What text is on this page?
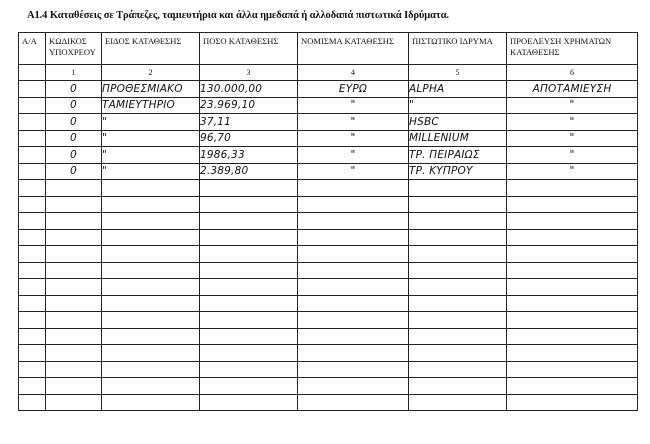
Α1.4 Καταθέσεις σε Τράπεζες, ταμιευτήρια και άλλα ημεδαπά ή αλλοδαπά πιστωτικά Ιδρύματα.
Α/Α	ΚΩΔΙΚΟΣ ΥΠΟΧΡΕΟΥ	ΕΙΔΟΣ ΚΑΤΑΘΕΣΗΣ	ΠΟΣΟ ΚΑΤΑΘΕΣΗΣ	ΝΟΜΙΣΜΑ ΚΑΤΑΘΕΣΗΣ	ΠΙΣΤΩΤΙΚΟ ΙΔΡΥΜΑ	ΠΡΟΕΛΕΥΣΗ ΧΡΗΜΑΤΩΝ ΚΑΤΑΘΕΣΗΣ
	1	2	3	4	5	6
	0	ΠΡΟΘΕΣΜΙΑΚΟ	130.000,00	ΕΥΡΩ	ALPHA	ΑΠΟΤΑΜΙΕΥΣΗ
	0	ΤΑΜΙΕΥΤΗΡΙΟ	23.969,10	"	"	"
	0	"	37,11	"	HSBC	"
	0	"	96,70	"	MILLENIUM	"
	0	"	1986,33	"	ΤΡ. ΠΕΙΡΑΙΩΣ	"
	0	"	2.389,80	"	ΤΡ. ΚΥΠΡΟΥ	"
